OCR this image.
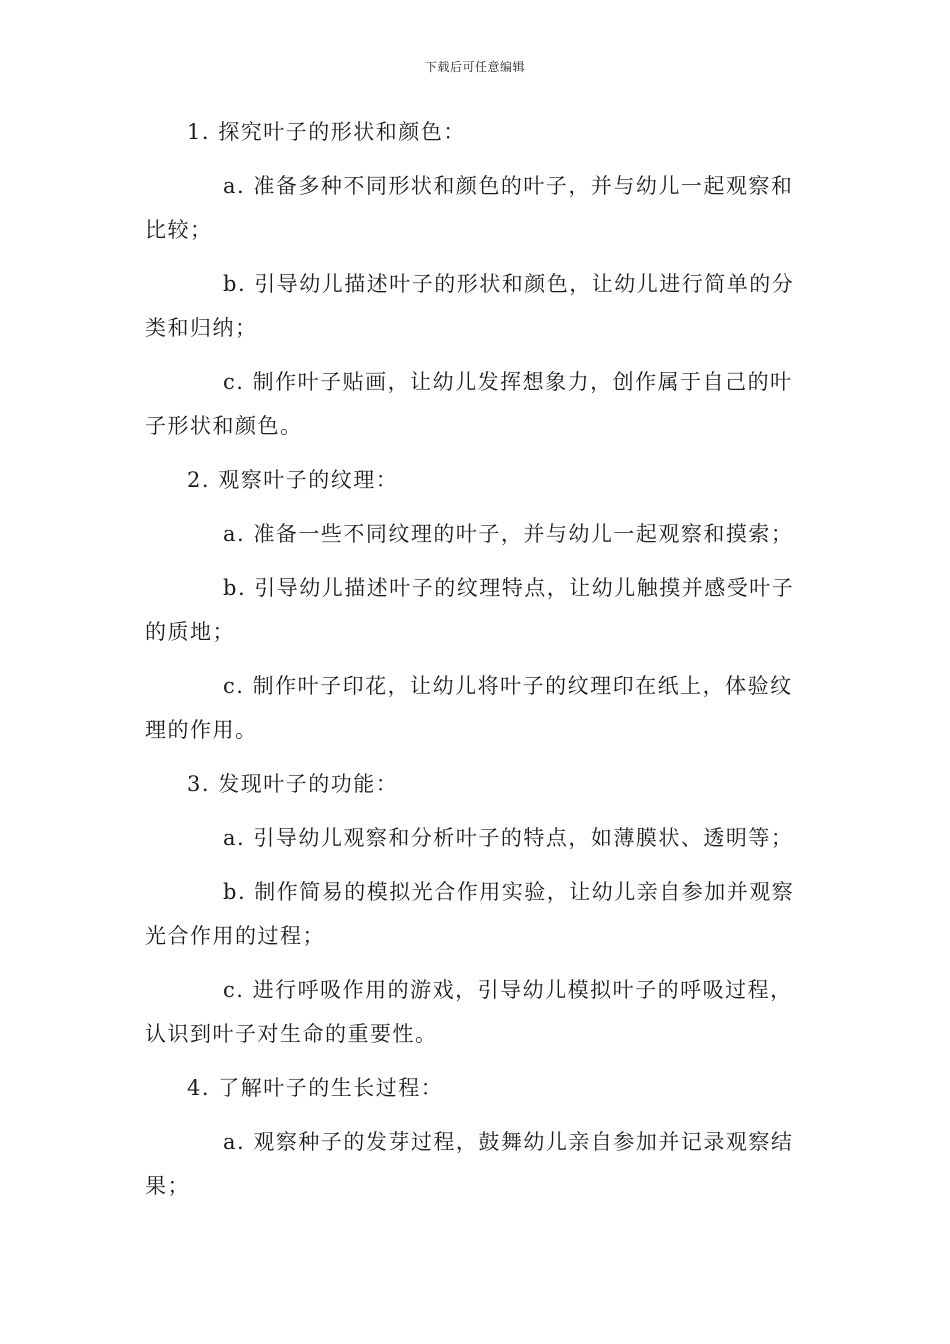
下载后可任意编辑

1. 探究叶子的形状和颜色：

a. 准备多种不同形状和颜色的叶子，并与幼儿一起观察和比较；

b. 引导幼儿描述叶子的形状和颜色，让幼儿进行简单的分类和归纳；

c. 制作叶子贴画，让幼儿发挥想象力，创作属于自己的叶子形状和颜色。

2. 观察叶子的纹理：

a. 准备一些不同纹理的叶子，并与幼儿一起观察和摸索；

b. 引导幼儿描述叶子的纹理特点，让幼儿触摸并感受叶子的质地；

c. 制作叶子印花，让幼儿将叶子的纹理印在纸上，体验纹理的作用。

3. 发现叶子的功能：

a. 引导幼儿观察和分析叶子的特点，如薄膜状、透明等；

b. 制作简易的模拟光合作用实验，让幼儿亲自参加并观察光合作用的过程；

c. 进行呼吸作用的游戏，引导幼儿模拟叶子的呼吸过程，认识到叶子对生命的重要性。

4. 了解叶子的生长过程：

a. 观察种子的发芽过程，鼓舞幼儿亲自参加并记录观察结果；
